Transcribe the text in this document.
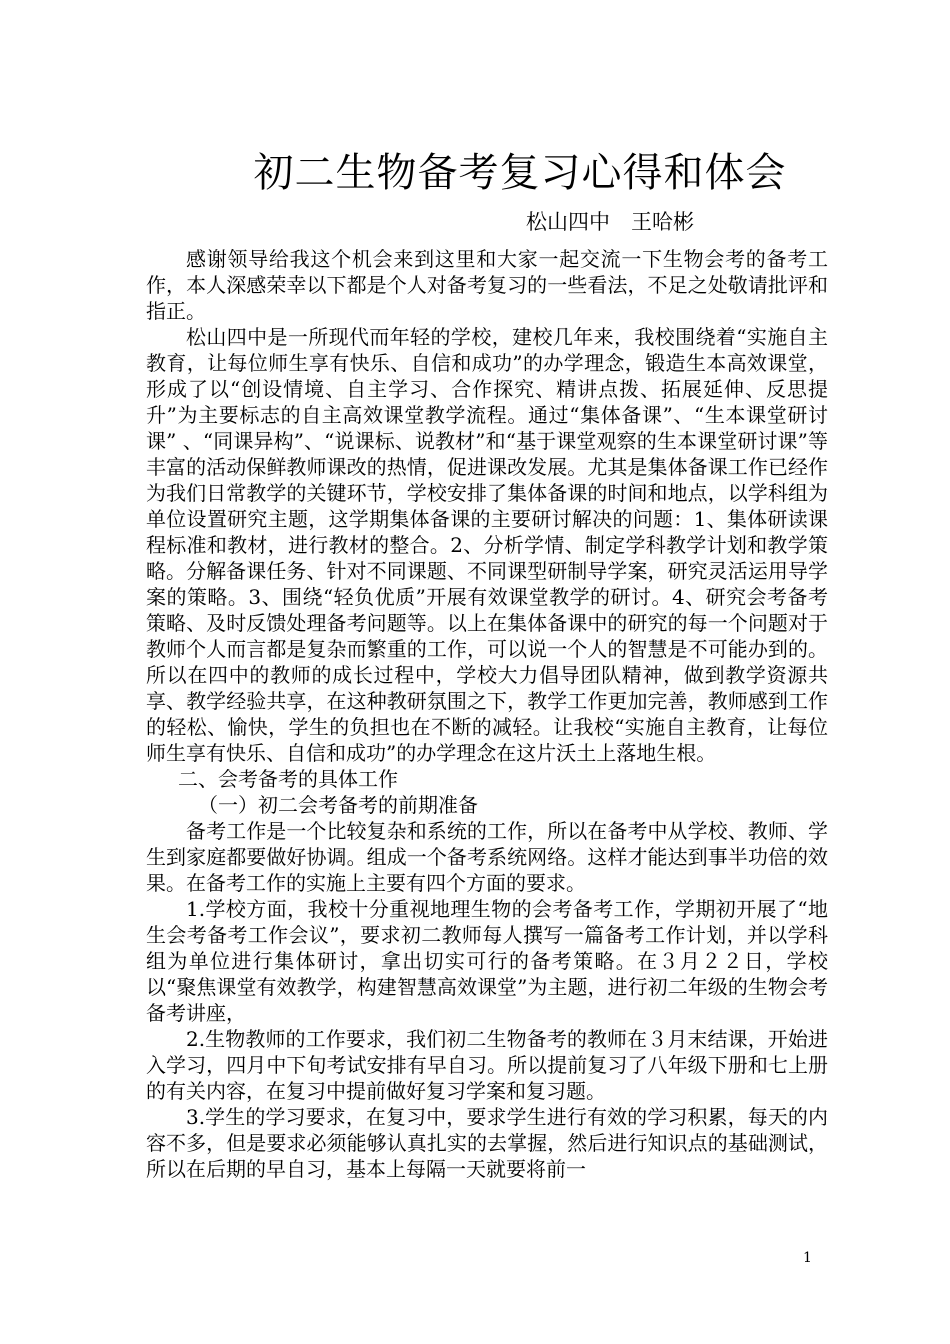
初二生物备考复习心得和体会
松山四中　王哈彬

感谢领导给我这个机会来到这里和大家一起交流一下生物会考的备考工作，本人深感荣幸以下都是个人对备考复习的一些看法，不足之处敬请批评和指正。

松山四中是一所现代而年轻的学校，建校几年来，我校围绕着“实施自主教育，让每位师生享有快乐、自信和成功”的办学理念，锻造生本高效课堂，形成了以“创设情境、自主学习、合作探究、精讲点拨、拓展延伸、反思提升”为主要标志的自主高效课堂教学流程。通过“集体备课”、“生本课堂研讨课” 、“同课异构”、“说课标、说教材”和“基于课堂观察的生本课堂研讨课”等丰富的活动保鲜教师课改的热情，促进课改发展。尤其是集体备课工作已经作为我们日常教学的关键环节，学校安排了集体备课的时间和地点，以学科组为单位设置研究主题，这学期集体备课的主要研讨解决的问题：1、集体研读课程标准和教材，进行教材的整合。2、分析学情、制定学科教学计划和教学策略。分解备课任务、针对不同课题、不同课型研制导学案，研究灵活运用导学案的策略。3、围绕“轻负优质”开展有效课堂教学的研讨。4、研究会考备考策略、及时反馈处理备考问题等。以上在集体备课中的研究的每一个问题对于教师个人而言都是复杂而繁重的工作，可以说一个人的智慧是不可能办到的。所以在四中的教师的成长过程中，学校大力倡导团队精神，做到教学资源共享、教学经验共享，在这种教研氛围之下，教学工作更加完善，教师感到工作的轻松、愉快，学生的负担也在不断的减轻。让我校“实施自主教育，让每位师生享有快乐、自信和成功”的办学理念在这片沃土上落地生根。

二、会考备考的具体工作

（一）初二会考备考的前期准备

备考工作是一个比较复杂和系统的工作，所以在备考中从学校、教师、学生到家庭都要做好协调。组成一个备考系统网络。这样才能达到事半功倍的效果。在备考工作的实施上主要有四个方面的要求。

1.学校方面，我校十分重视地理生物的会考备考工作，学期初开展了“地生会考备考工作会议”，要求初二教师每人撰写一篇备考工作计划，并以学科组为单位进行集体研讨，拿出切实可行的备考策略。在３月２２日，学校以“聚焦课堂有效教学，构建智慧高效课堂”为主题，进行初二年级的生物会考备考讲座，

2.生物教师的工作要求，我们初二生物备考的教师在３月末结课，开始进入学习，四月中下旬考试安排有早自习。所以提前复习了八年级下册和七上册的有关内容，在复习中提前做好复习学案和复习题。

3.学生的学习要求，在复习中，要求学生进行有效的学习积累，每天的内容不多，但是要求必须能够认真扎实的去掌握，然后进行知识点的基础测试，所以在后期的早自习，基本上每隔一天就要将前一

1
